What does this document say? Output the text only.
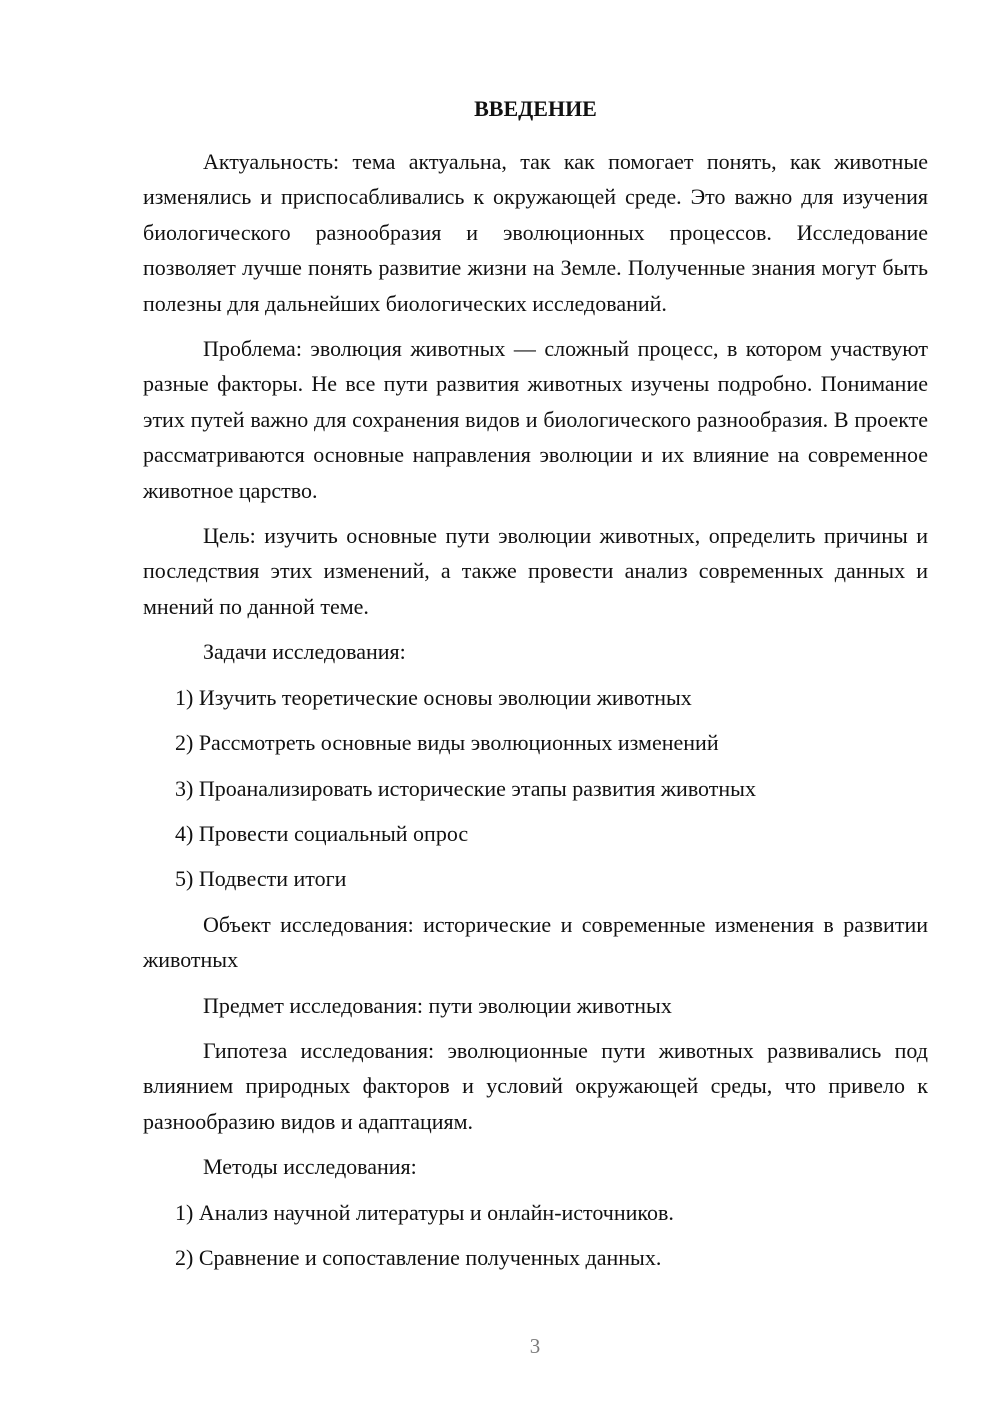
ВВЕДЕНИЕ

Актуальность: тема актуальна, так как помогает понять, как животные изменялись и приспосабливались к окружающей среде. Это важно для изучения биологического разнообразия и эволюционных процессов. Исследование позволяет лучше понять развитие жизни на Земле. Полученные знания могут быть полезны для дальнейших биологических исследований.

Проблема: эволюция животных — сложный процесс, в котором участвуют разные факторы. Не все пути развития животных изучены подробно. Понимание этих путей важно для сохранения видов и биологического разнообразия. В проекте рассматриваются основные направления эволюции и их влияние на современное животное царство.

Цель: изучить основные пути эволюции животных, определить причины и последствия этих изменений, а также провести анализ современных данных и мнений по данной теме.

Задачи исследования:

1) Изучить теоретические основы эволюции животных

2) Рассмотреть основные виды эволюционных изменений

3) Проанализировать исторические этапы развития животных

4) Провести социальный опрос

5) Подвести итоги

Объект исследования: исторические и современные изменения в развитии животных

Предмет исследования: пути эволюции животных

Гипотеза исследования: эволюционные пути животных развивались под влиянием природных факторов и условий окружающей среды, что привело к разнообразию видов и адаптациям.

Методы исследования:

1) Анализ научной литературы и онлайн-источников.

2) Сравнение и сопоставление полученных данных.

3
